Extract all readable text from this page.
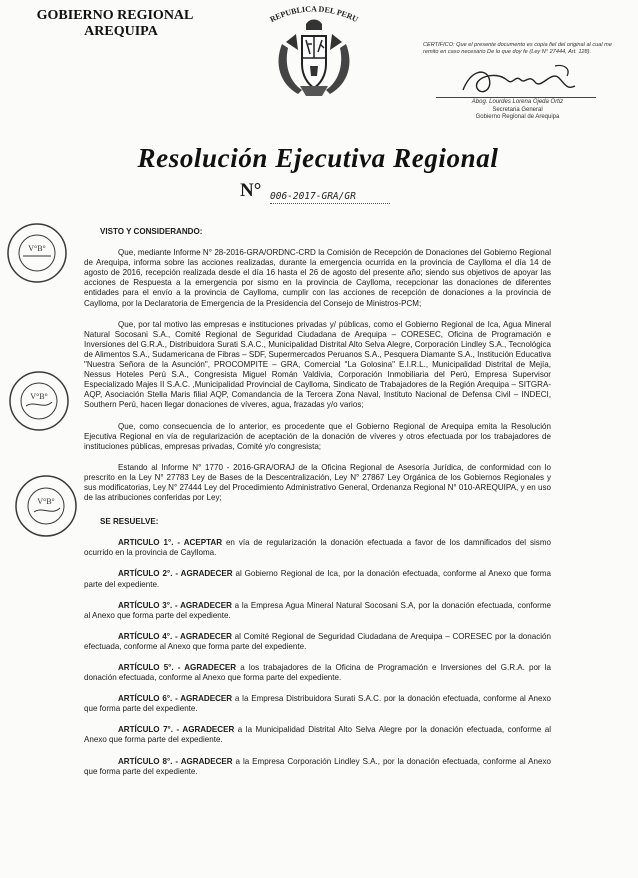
GOBIERNO REGIONAL

AREQUIPA
REPUBLICA DEL PERU
CERTIFICO: Que el presente documento es copia fiel del original al cual me remito en caso necesario De lo que doy fe (Ley N° 27444, Art. 128).
Abog. Lourdes Lorena Ojeda Ortiz
Secretaria General
Gobierno Regional de Arequipa
Resolución Ejecutiva Regional
N° 006-2017-GRA/GR
V°B°
V°B°
V°B°
VISTO Y CONSIDERANDO:

Que, mediante Informe N° 28-2016-GRA/ORDNC-CRD la Comisión de Recepción de Donaciones del Gobierno Regional de Arequipa, informa sobre las acciones realizadas, durante la emergencia ocurrida en la provincia de Caylloma el día 14 de agosto de 2016, recepción realizada desde el día 16 hasta el 26 de agosto del presente año; siendo sus objetivos de apoyar las acciones de Respuesta a la emergencia por sismo en la provincia de Caylloma, recepcionar las donaciones de diferentes entidades para el envío a la provincia de Caylloma, cumplir con las acciones de recepción de donaciones a la provincia de Caylloma, por la Declaratoria de Emergencia de la Presidencia del Consejo de Ministros-PCM;

Que, por tal motivo las empresas e instituciones privadas y/ públicas, como el Gobierno Regional de Ica, Agua Mineral Natural Socosani S.A., Comité Regional de Seguridad Ciudadana de Arequipa – CORESEC, Oficina de Programación e Inversiones del G.R.A., Distribuidora Surati S.A.C., Municipalidad Distrital Alto Selva Alegre, Corporación Lindley S.A., Tecnológica de Alimentos S.A., Sudamericana de Fibras – SDF, Supermercados Peruanos S.A., Pesquera Diamante S.A., Institución Educativa "Nuestra Señora de la Asunción", PROCOMPITE – GRA, Comercial "La Golosina" E.I.R.L., Municipalidad Distrital de Mejía, Nessus Hoteles Perú S.A., Congresista Miguel Román Valdivia, Corporación Inmobiliaria del Perú, Empresa Supervisor Especializado Majes II S.A.C. ,Municipalidad Provincial de Caylloma, Sindicato de Trabajadores de la Región Arequipa – SITGRA-AQP, Asociación Stella Maris filial AQP, Comandancia de la Tercera Zona Naval, Instituto Nacional de Defensa Civil – INDECI, Southern Perú, hacen llegar donaciones de víveres, agua, frazadas y/o varios;

Que, como consecuencia de lo anterior, es procedente que el Gobierno Regional de Arequipa emita la Resolución Ejecutiva Regional en vía de regularización de aceptación de la donación de víveres y otros efectuada por los trabajadores de instituciones públicas, empresas privadas, Comité y/o congresista;

Estando al Informe N° 1770 - 2016-GRA/ORAJ de la Oficina Regional de Asesoría Jurídica, de conformidad con lo prescrito en la Ley N° 27783 Ley de Bases de la Descentralización, Ley N° 27867 Ley Orgánica de los Gobiernos Regionales y sus modificatorias, Ley N° 27444 Ley del Procedimiento Administrativo General, Ordenanza Regional N° 010-AREQUIPA, y en uso de las atribuciones conferidas por Ley;

SE RESUELVE:

ARTICULO 1°. - ACEPTAR en vía de regularización la donación efectuada a favor de los damnificados del sismo ocurrido en la provincia de Caylloma.

ARTÍCULO 2°. - AGRADECER al Gobierno Regional de Ica, por la donación efectuada, conforme al Anexo que forma parte del expediente.

ARTÍCULO 3°. - AGRADECER a la Empresa Agua Mineral Natural Socosani S.A, por la donación efectuada, conforme al Anexo que forma parte del expediente.

ARTÍCULO 4°. - AGRADECER al Comité Regional de Seguridad Ciudadana de Arequipa – CORESEC por la donación efectuada, conforme al Anexo que forma parte del expediente.

ARTÍCULO 5°. - AGRADECER a los trabajadores de la Oficina de Programación e Inversiones del G.R.A. por la donación efectuada, conforme al Anexo que forma parte del expediente.

ARTÍCULO 6°. - AGRADECER a la Empresa Distribuidora Surati S.A.C. por la donación efectuada, conforme al Anexo que forma parte del expediente.

ARTÍCULO 7°. - AGRADECER a la Municipalidad Distrital Alto Selva Alegre por la donación efectuada, conforme al Anexo que forma parte del expediente.

ARTÍCULO 8°. - AGRADECER a la Empresa Corporación Lindley S.A., por la donación efectuada, conforme al Anexo que forma parte del expediente.
